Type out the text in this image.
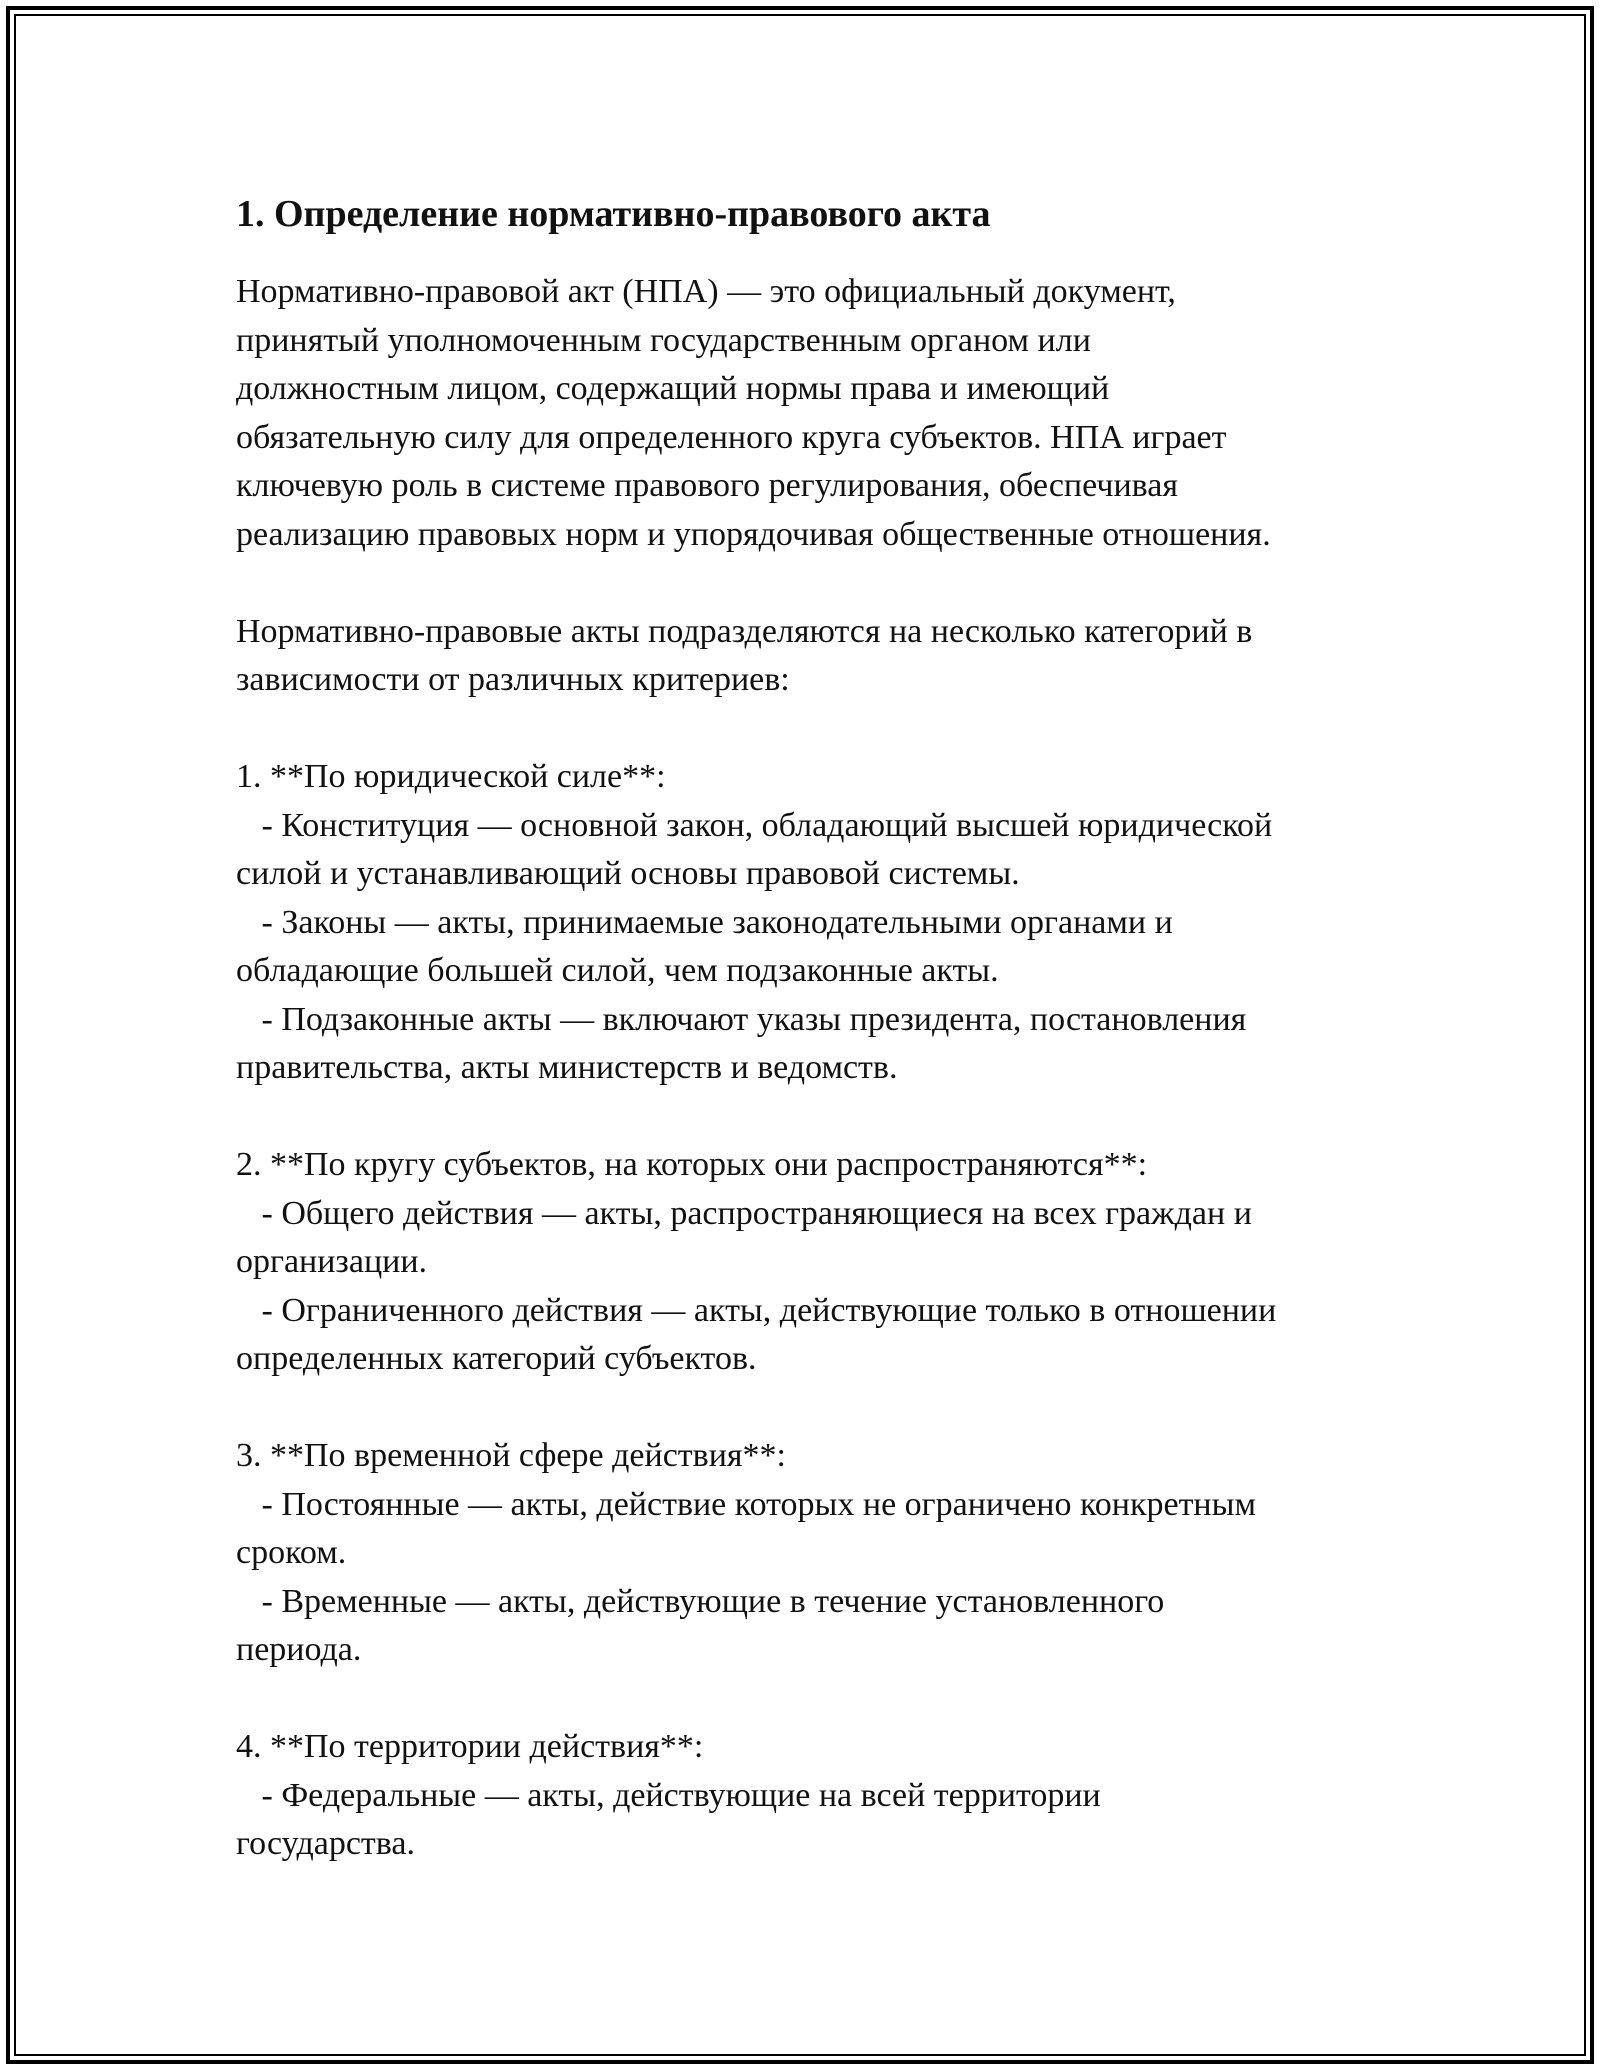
1. Определение нормативно-правового акта

Нормативно-правовой акт (НПА) — это официальный документ,
принятый уполномоченным государственным органом или
должностным лицом, содержащий нормы права и имеющий
обязательную силу для определенного круга субъектов. НПА играет
ключевую роль в системе правового регулирования, обеспечивая
реализацию правовых норм и упорядочивая общественные отношения.

Нормативно-правовые акты подразделяются на несколько категорий в
зависимости от различных критериев:

1. **По юридической силе**:

- Конституция — основной закон, обладающий высшей юридической
силой и устанавливающий основы правовой системы.

- Законы — акты, принимаемые законодательными органами и
обладающие большей силой, чем подзаконные акты.

- Подзаконные акты — включают указы президента, постановления
правительства, акты министерств и ведомств.

2. **По кругу субъектов, на которых они распространяются**:

- Общего действия — акты, распространяющиеся на всех граждан и
организации.

- Ограниченного действия — акты, действующие только в отношении
определенных категорий субъектов.

3. **По временной сфере действия**:

- Постоянные — акты, действие которых не ограничено конкретным
сроком.

- Временные — акты, действующие в течение установленного
периода.

4. **По территории действия**:

- Федеральные — акты, действующие на всей территории
государства.
